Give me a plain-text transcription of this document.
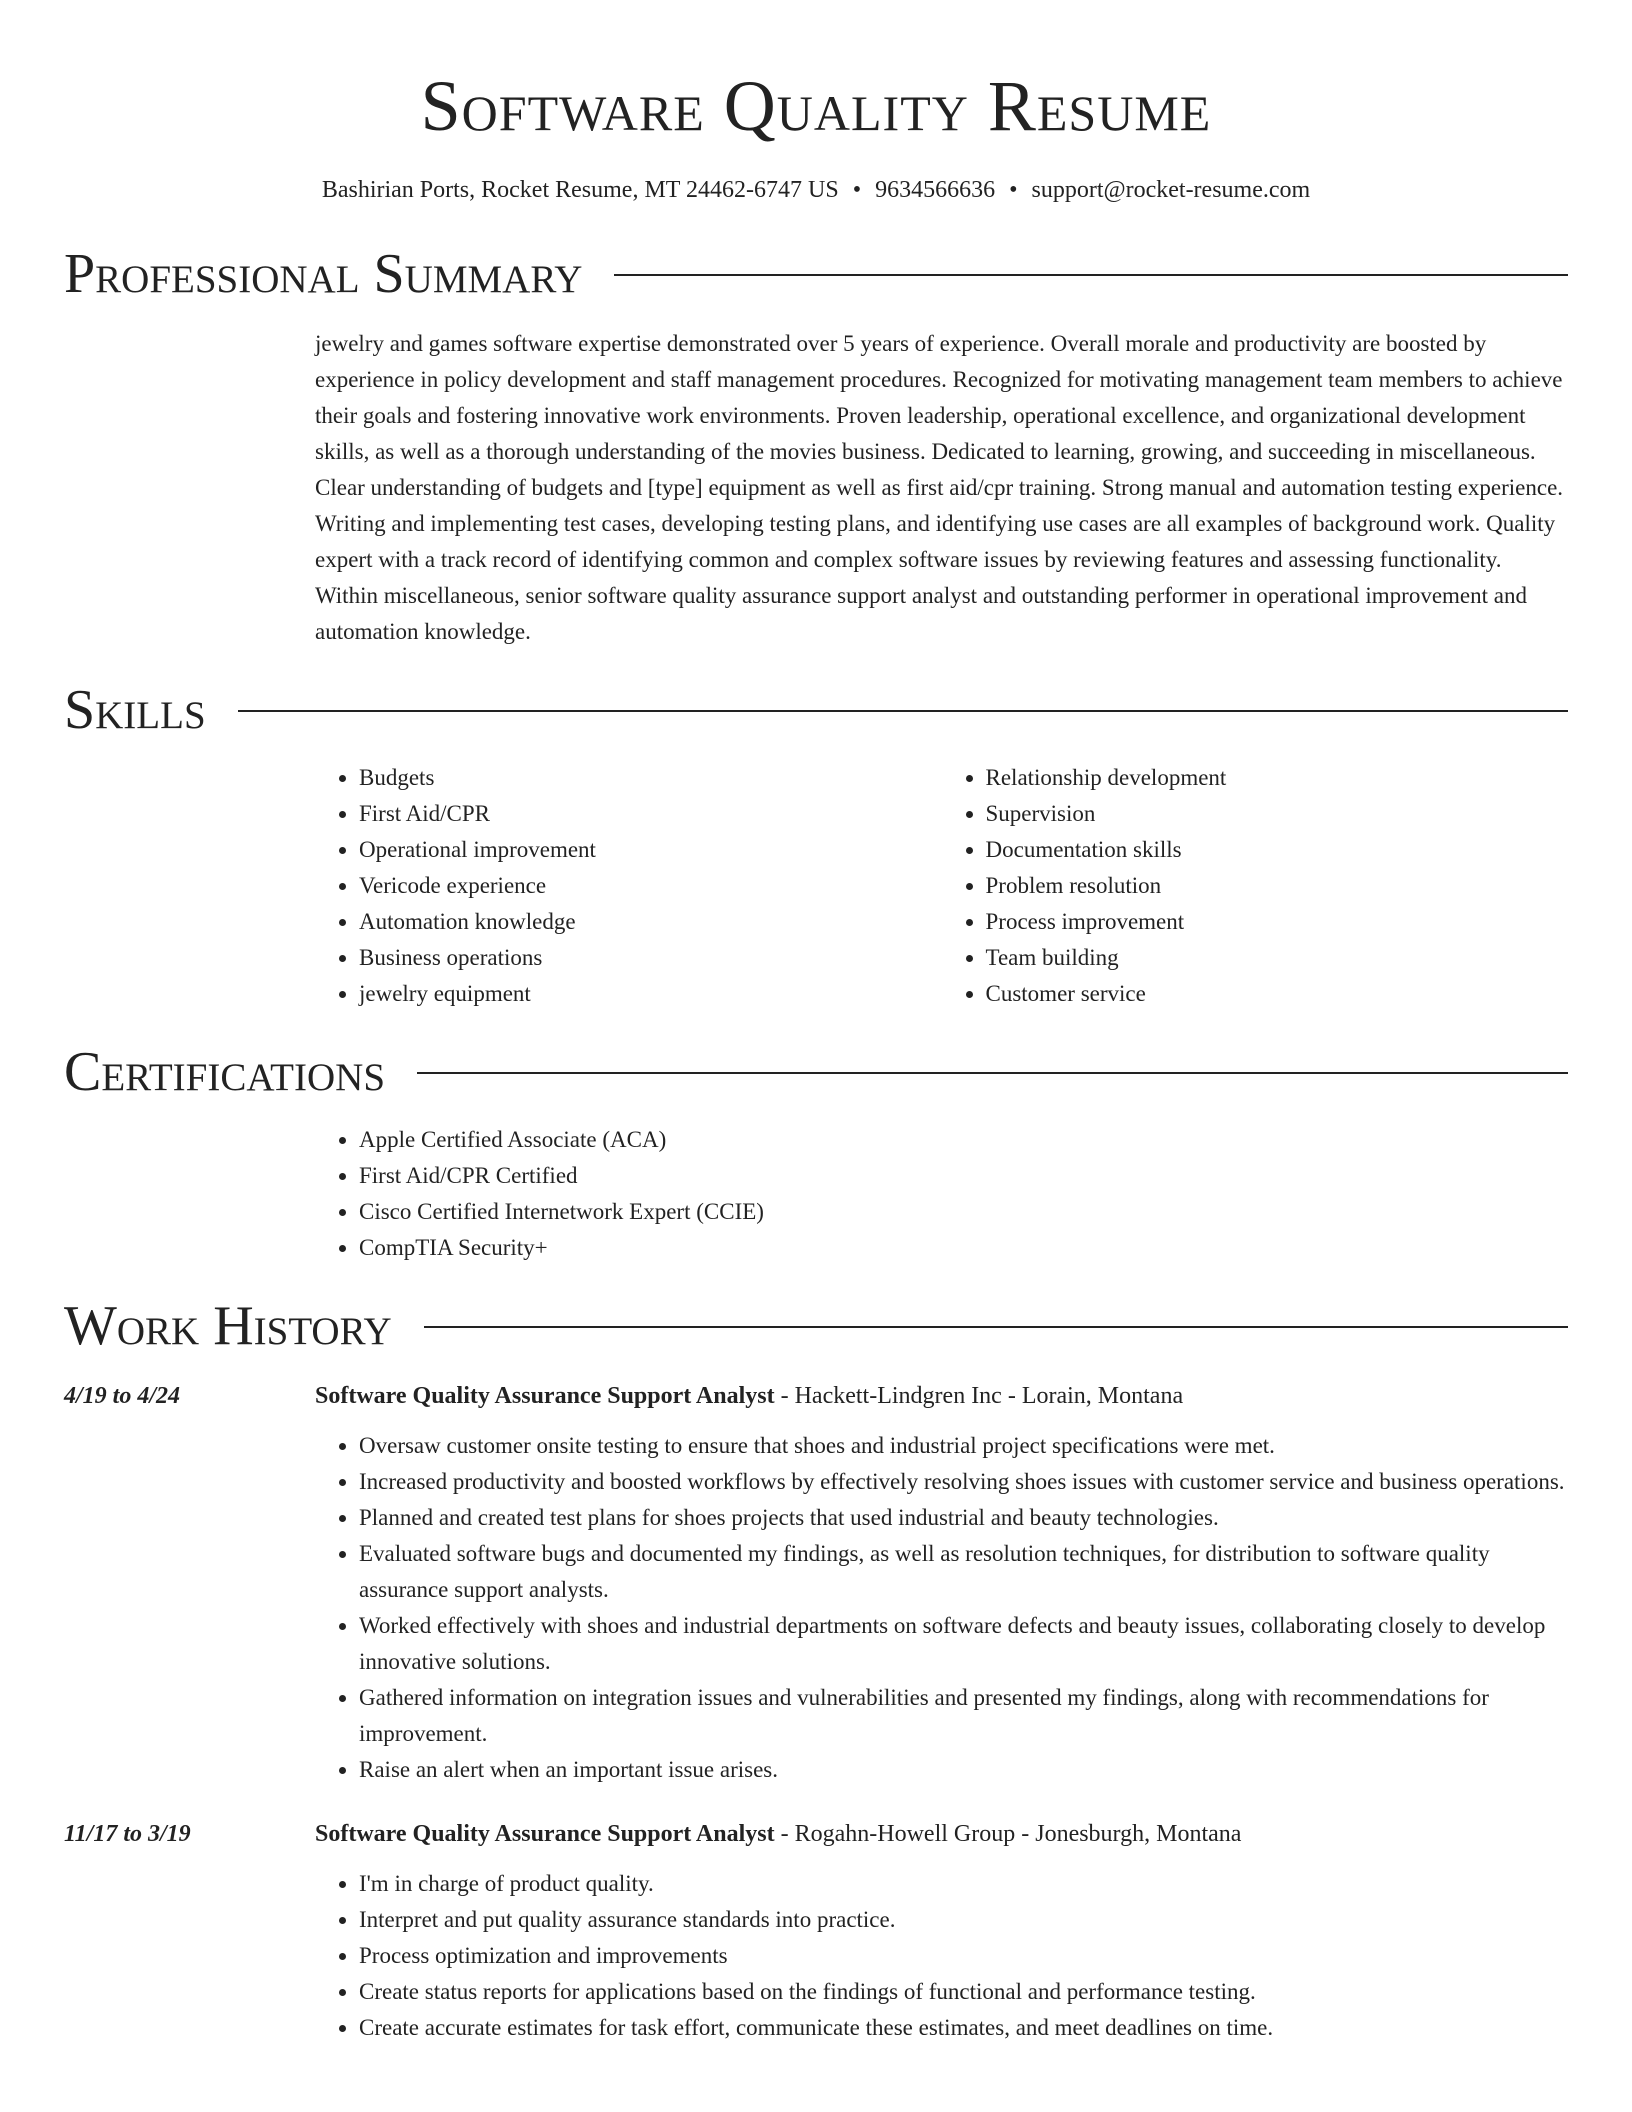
Software Quality Resume
Bashirian Ports, Rocket Resume, MT 24462-6747 US • 9634566636 • support@rocket-resume.com
Professional Summary

jewelry and games software expertise demonstrated over 5 years of experience. Overall morale and productivity are boosted by experience in policy development and staff management procedures. Recognized for motivating management team members to achieve their goals and fostering innovative work environments. Proven leadership, operational excellence, and organizational development skills, as well as a thorough understanding of the movies business. Dedicated to learning, growing, and succeeding in miscellaneous. Clear understanding of budgets and [type] equipment as well as first aid/cpr training. Strong manual and automation testing experience. Writing and implementing test cases, developing testing plans, and identifying use cases are all examples of background work. Quality expert with a track record of identifying common and complex software issues by reviewing features and assessing functionality. Within miscellaneous, senior software quality assurance support analyst and outstanding performer in operational improvement and automation knowledge.

Skills
• Budgets
• First Aid/CPR
• Operational improvement
• Vericode experience
• Automation knowledge
• Business operations
• jewelry equipment
• Relationship development
• Supervision
• Documentation skills
• Problem resolution
• Process improvement
• Team building
• Customer service
Certifications
• Apple Certified Associate (ACA)
• First Aid/CPR Certified
• Cisco Certified Internetwork Expert (CCIE)
• CompTIA Security+
Work History
4/19 to 4/24	Software Quality Assurance Support Analyst - Hackett-Lindgren Inc - Lorain, Montana
• Oversaw customer onsite testing to ensure that shoes and industrial project specifications were met.
• Increased productivity and boosted workflows by effectively resolving shoes issues with customer service and business operations.
• Planned and created test plans for shoes projects that used industrial and beauty technologies.
• Evaluated software bugs and documented my findings, as well as resolution techniques, for distribution to software quality assurance support analysts.
• Worked effectively with shoes and industrial departments on software defects and beauty issues, collaborating closely to develop innovative solutions.
• Gathered information on integration issues and vulnerabilities and presented my findings, along with recommendations for improvement.
• Raise an alert when an important issue arises.
11/17 to 3/19	Software Quality Assurance Support Analyst - Rogahn-Howell Group - Jonesburgh, Montana
• I'm in charge of product quality.
• Interpret and put quality assurance standards into practice.
• Process optimization and improvements
• Create status reports for applications based on the findings of functional and performance testing.
• Create accurate estimates for task effort, communicate these estimates, and meet deadlines on time.
